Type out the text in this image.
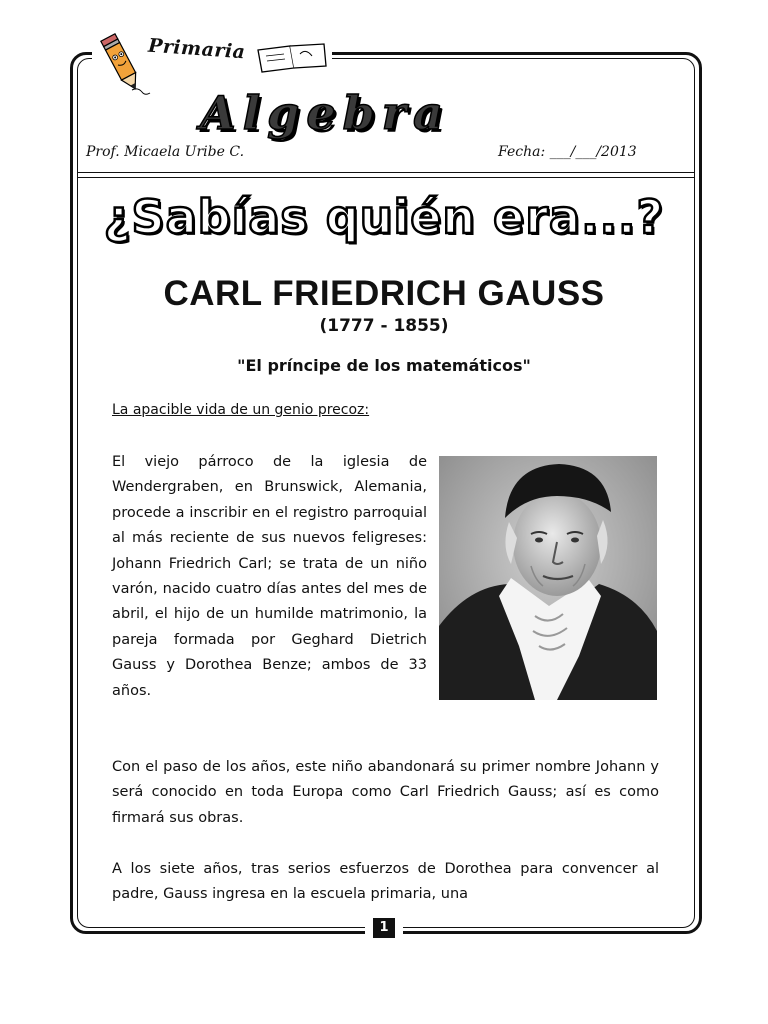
Primaria
Algebra
Prof. Micaela Uribe C.	Fecha: ___/___/2013
¿Sabías quién era...?
CARL FRIEDRICH GAUSS
(1777 - 1855)
"El príncipe de los matemáticos"
La apacible vida de un genio precoz:
El viejo párroco de la iglesia de Wendergraben, en Brunswick, Alemania, procede a inscribir en el registro parroquial al más reciente de sus nuevos feligreses: Johann Friedrich Carl; se trata de un niño varón, nacido cuatro días antes del mes de abril, el hijo de un humilde matrimonio, la pareja formada por Geghard Dietrich Gauss y Dorothea Benze; ambos de 33 años.
Con el paso de los años, este niño abandonará su primer nombre Johann y será conocido en toda Europa como Carl Friedrich Gauss; así es como firmará sus obras.
A los siete años, tras serios esfuerzos de Dorothea para convencer al padre, Gauss ingresa en la escuela primaria, una
1
